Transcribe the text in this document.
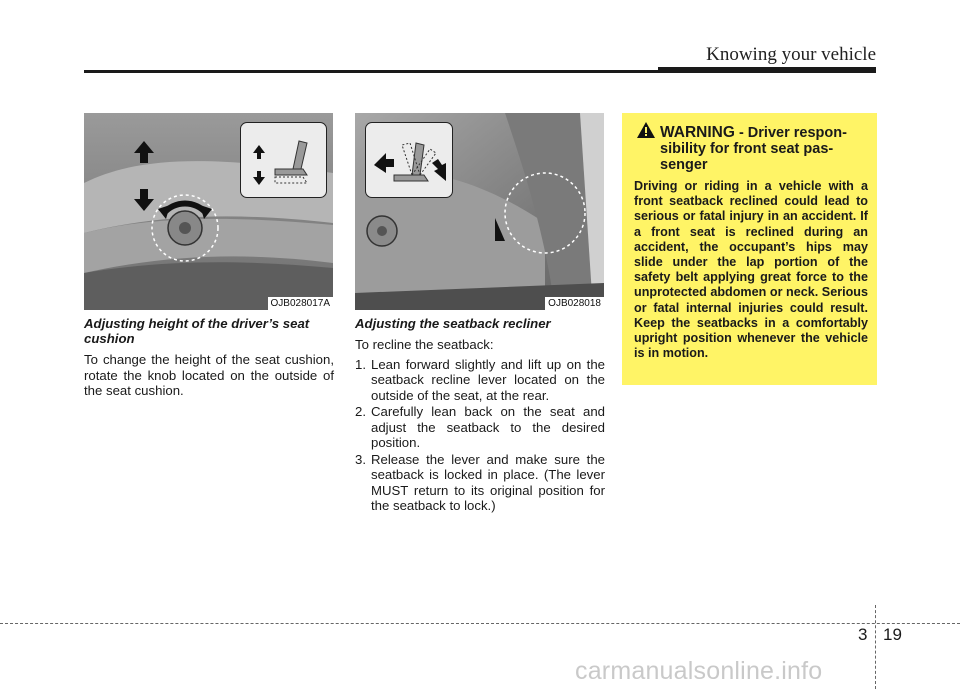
Knowing your vehicle
OJB028017A	OJB028018

Adjusting height of the driver’s seat cushion

To change the height of the seat cushion, rotate the knob located on the outside of the seat cushion.

Adjusting the seatback recliner

To recline the seatback:

1. Lean forward slightly and lift up on the seatback recline lever located on the outside of the seat, at the rear.
2. Carefully lean back on the seat and adjust the seatback to the desired position.
3. Release the lever and make sure the seatback is locked in place. (The lever MUST return to its original position for the seatback to lock.)
WARNING - Driver responsibility for front seat passenger
Driving or riding in a vehicle with a front seatback reclined could lead to serious or fatal injury in an accident. If a front seat is reclined during an accident, the occupant’s hips may slide under the lap portion of the safety belt applying great force to the unprotected abdomen or neck. Serious or fatal internal injuries could result. Keep the seatbacks in a comfortably upright position whenever the vehicle is in motion.
3 19
carmanualsonline.info
